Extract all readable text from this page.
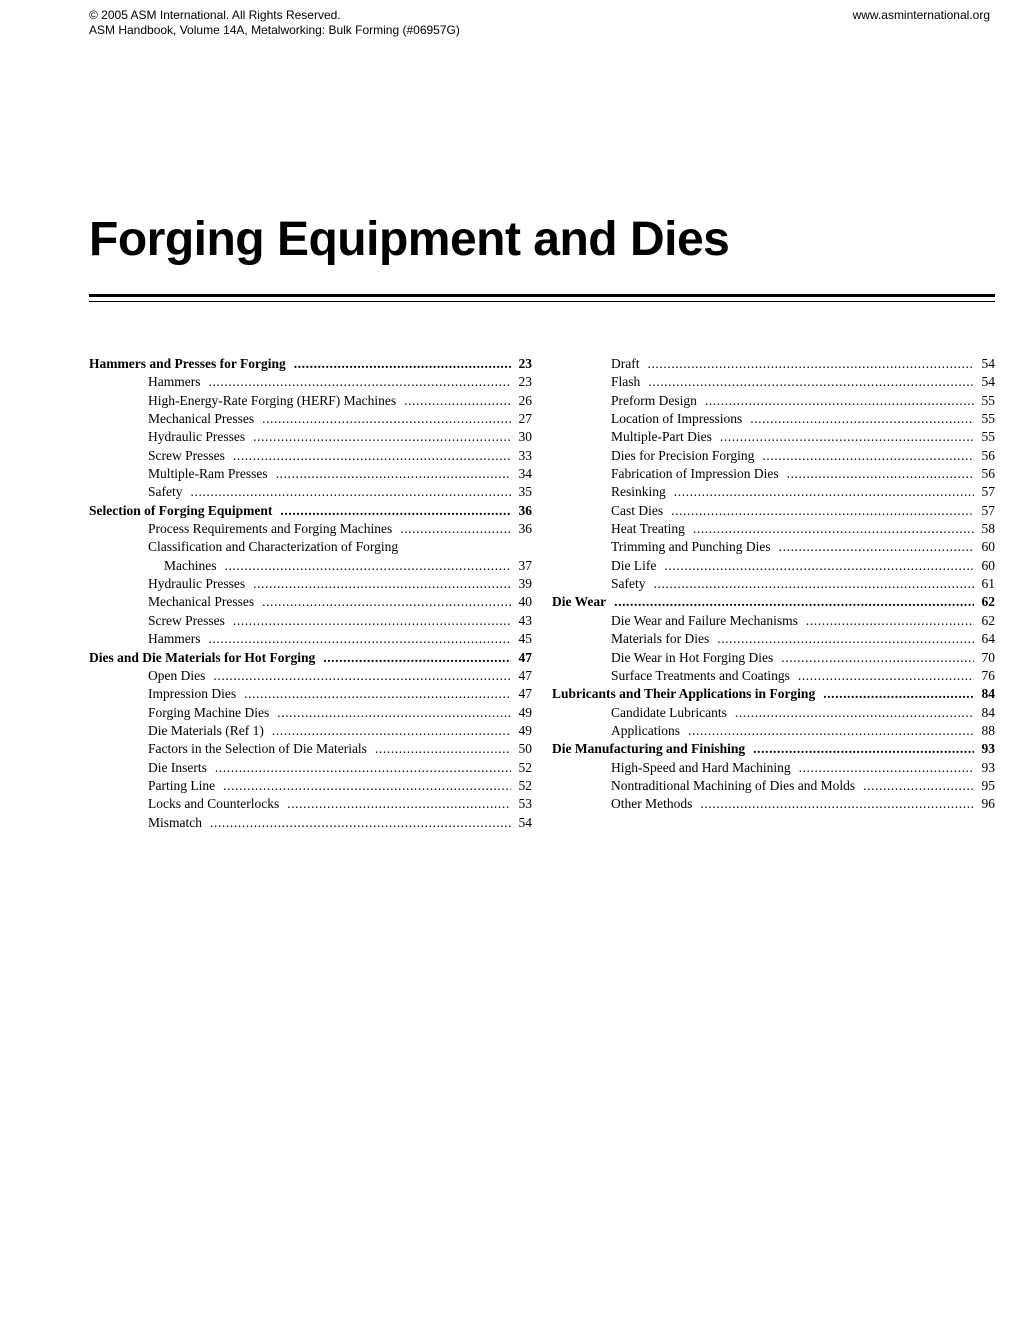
© 2005 ASM International. All Rights Reserved.
ASM Handbook, Volume 14A, Metalworking: Bulk Forming (#06957G)
www.asminternational.org
Forging Equipment and Dies
Hammers and Presses for Forging .....	23
Hammers .....	23
High-Energy-Rate Forging (HERF) Machines .....	26
Mechanical Presses .....	27
Hydraulic Presses .....	30
Screw Presses .....	33
Multiple-Ram Presses .....	34
Safety .....	35
Selection of Forging Equipment .....	36
Process Requirements and Forging Machines .....	36
Classification and Characterization of Forging
Machines .....	37
Hydraulic Presses .....	39
Mechanical Presses .....	40
Screw Presses .....	43
Hammers .....	45
Dies and Die Materials for Hot Forging .....	47
Open Dies .....	47
Impression Dies .....	47
Forging Machine Dies .....	49
Die Materials (Ref 1) .....	49
Factors in the Selection of Die Materials .....	50
Die Inserts .....	52
Parting Line .....	52
Locks and Counterlocks .....	53
Mismatch .....	54
Draft .....	54
Flash .....	54
Preform Design .....	55
Location of Impressions .....	55
Multiple-Part Dies .....	55
Dies for Precision Forging .....	56
Fabrication of Impression Dies .....	56
Resinking .....	57
Cast Dies .....	57
Heat Treating .....	58
Trimming and Punching Dies .....	60
Die Life .....	60
Safety .....	61
Die Wear .....	62
Die Wear and Failure Mechanisms .....	62
Materials for Dies .....	64
Die Wear in Hot Forging Dies .....	70
Surface Treatments and Coatings .....	76
Lubricants and Their Applications in Forging .....	84
Candidate Lubricants .....	84
Applications .....	88
Die Manufacturing and Finishing .....	93
High-Speed and Hard Machining .....	93
Nontraditional Machining of Dies and Molds .....	95
Other Methods .....	96
